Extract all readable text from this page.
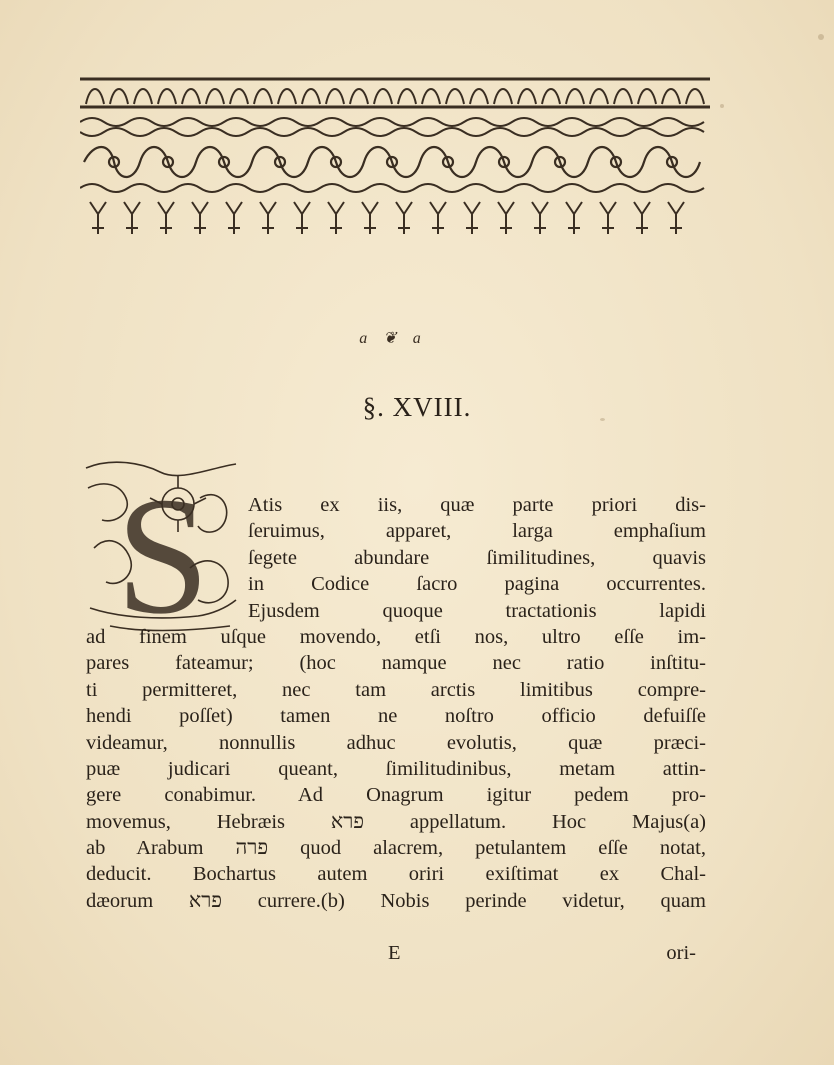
a ❦ a
§. XVIII.
S	Atis ex iis, quæ parte priori dis-
ſeruimus, apparet, larga emphaſium
ſegete abundare ſimilitudines, quavis
in Codice ſacro pagina occurrentes.
Ejusdem quoque tractationis lapidi
ad finem uſque movendo, etſi nos, ultro eſſe im-
pares fateamur; (hoc namque nec ratio inſtitu-
ti permitteret, nec tam arctis limitibus compre-
hendi poſſet) tamen ne noſtro officio defuiſſe
videamur, nonnullis adhuc evolutis, quæ præci-
puæ judicari queant, ſimilitudinibus, metam attin-
gere conabimur. Ad Onagrum igitur pedem pro-
movemus, Hebræis פרא appellatum. Hoc Majus(a)
ab Arabum פרה quod alacrem, petulantem eſſe notat,
deducit. Bochartus autem oriri exiſtimat ex Chal-
dæorum פרא currere.(b) Nobis perinde videtur, quam
E	ori-
